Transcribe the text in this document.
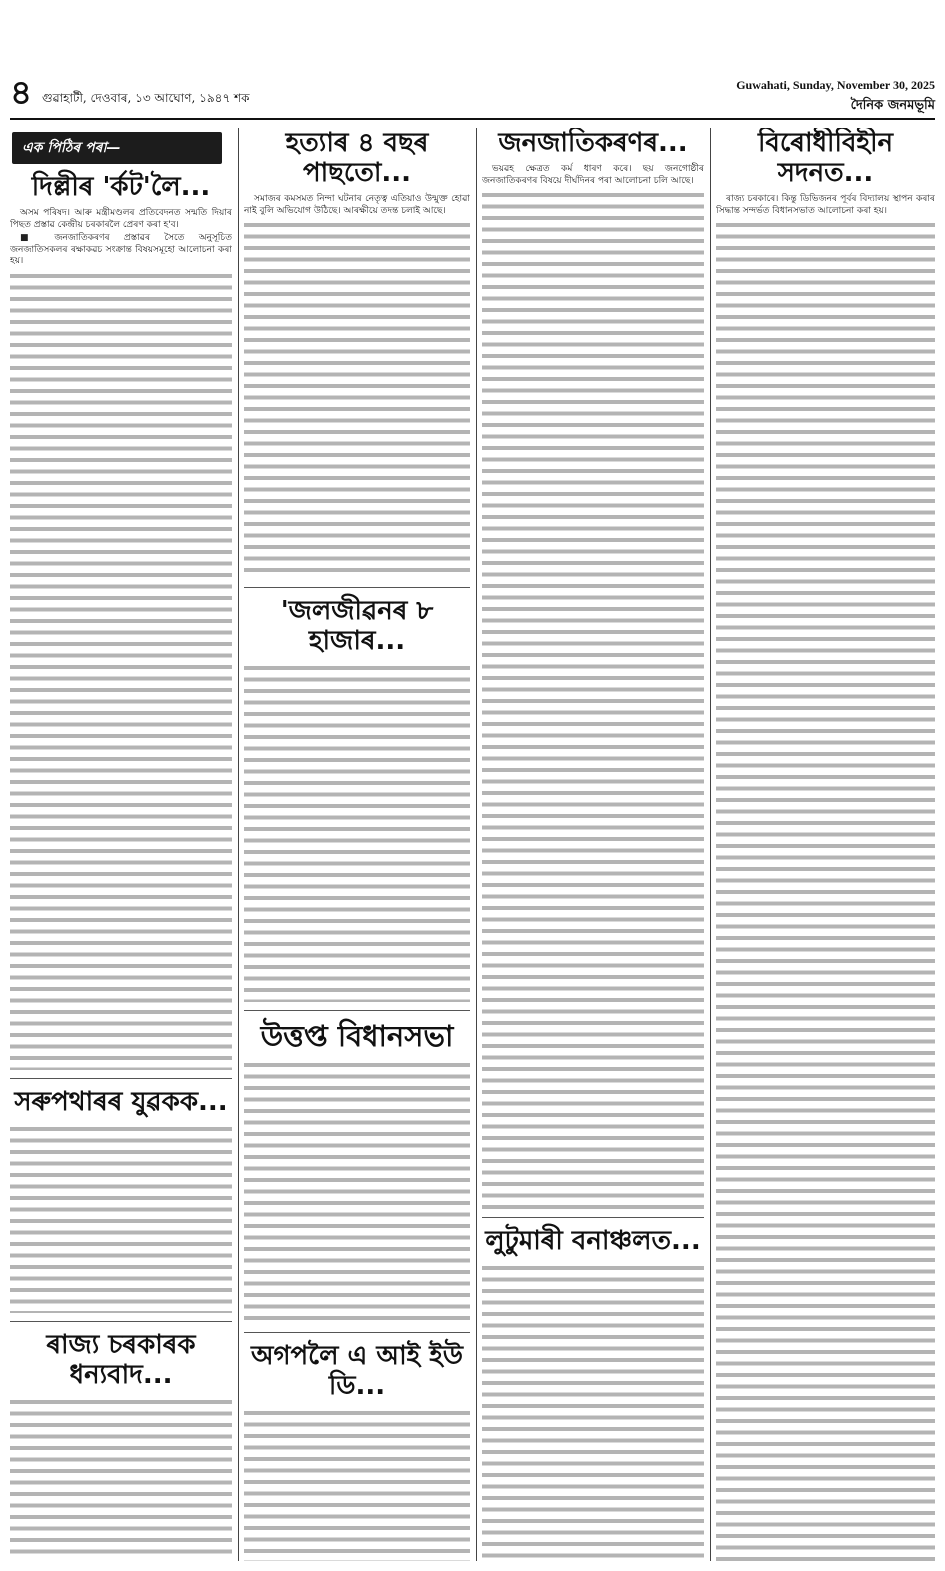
৪ গুৱাহাটী, দেওবাৰ, ১৩ আঘোণ, ১৯৪৭ শক
Guwahati, Sunday, November 30, 2025
দৈনিক জনমভূমি
এক পিঠিৰ পৰা—
দিল্লীৰ 'ৰ্কট'লৈ...

অসম পৰিষদ। আৰু মন্ত্ৰীমণ্ডলৰ প্ৰতিবেদনত সন্মতি দিয়াৰ পিছত প্ৰস্তাৱ কেন্দ্ৰীয় চৰকাৰলৈ প্ৰেৰণ কৰা হ'ব।

■ জনজাতিকৰণৰ প্ৰস্তাৱৰ সৈতে অনুসূচিত জনজাতিসকলৰ ৰক্ষাকৱচ সংক্ৰান্ত বিষয়সমূহো আলোচনা কৰা হয়।

সৰুপথাৰৰ যুৱকক...
ৰাজ্য চৰকাৰক ধন্যবাদ...
হত্যাৰ ৪ বছৰ পাছতো...

সমাজৰ কমসমত নিন্দা ঘটনাৰ নেতৃত্ব এতিয়াও উন্মুক্ত হোৱা নাই বুলি অভিযোগ উঠিছে। আৰক্ষীয়ে তদন্ত চলাই আছে।

'জলজীৱনৰ ৮ হাজাৰ...
উত্তপ্ত বিধানসভা
অগপলৈ এ আই ইউ ডি...
জনজাতিকৰণৰ...

ভয়ৱহ ক্ষেত্ৰত কৰ্ম ধাৰণ কৰে। ছয় জনগোষ্ঠীৰ জনজাতিকৰণৰ বিষয়ে দীৰ্ঘদিনৰ পৰা আলোচনা চলি আছে।

লুটুমাৰী বনাঞ্চলত...
বিৰোধীবিহীন সদনত...

ৰাজ্য চৰকাৰে। কিন্তু ডিভিজনৰ পূৰ্বৰ বিদ্যালয় স্থাপন কৰাৰ সিদ্ধান্ত সন্দৰ্ভত বিধানসভাত আলোচনা কৰা হয়।
